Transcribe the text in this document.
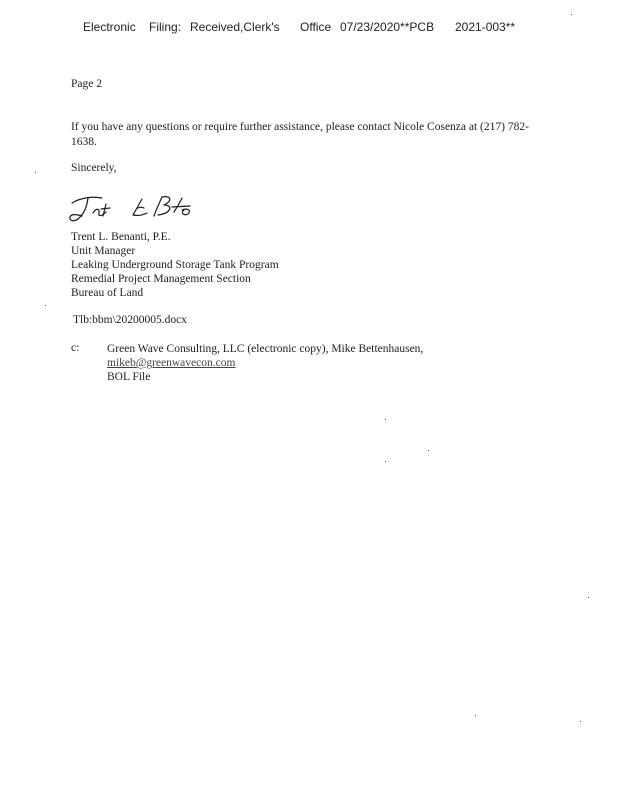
Electronic Filing: Received,Clerk's Office 07/23/2020**PCB 2021-003**
Page 2
If you have any questions or require further assistance, please contact Nicole Cosenza at (217) 782-1638.
Sincerely,
Trent L. Benanti, P.E.
Unit Manager
Leaking Underground Storage Tank Program
Remedial Project Management Section
Bureau of Land
Tlb:bbm\20200005.docx
c: Green Wave Consulting, LLC (electronic copy), Mike Bettenhausen,
mikeb@greenwavecon.com
BOL File
